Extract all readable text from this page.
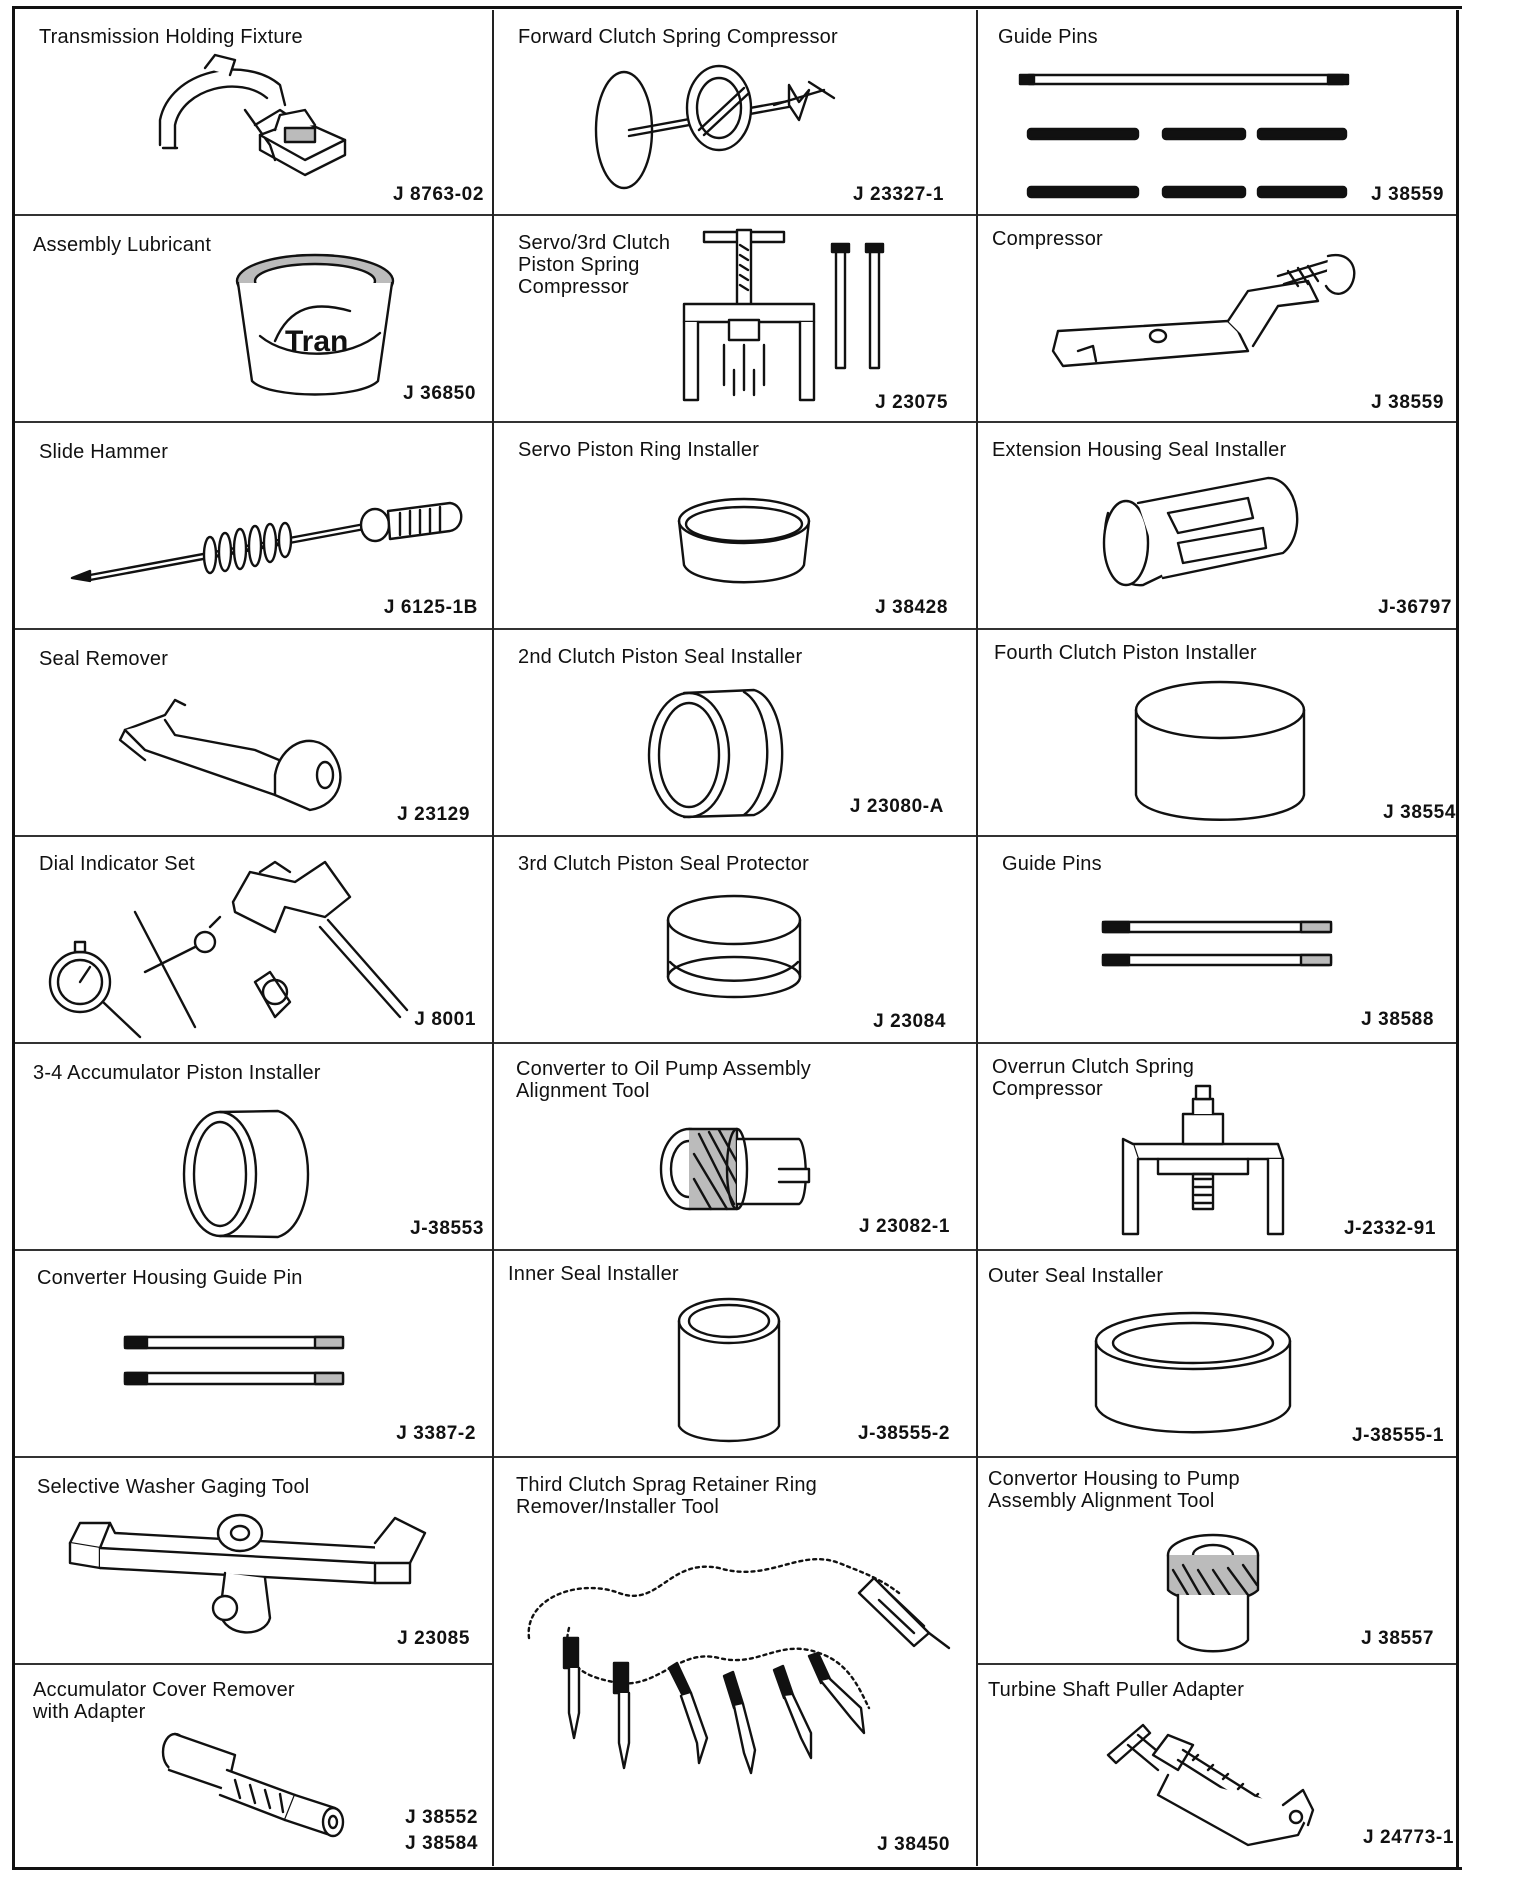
Transmission Holding Fixture
J 8763-02
Forward Clutch Spring Compressor
J 23327-1
Guide Pins
J 38559
Assembly Lubricant
Tran
J 36850
Servo/3rd Clutch
Piston Spring
Compressor
J 23075
Compressor
J 38559
Slide Hammer
J 6125-1B
Servo Piston Ring Installer
J 38428
Extension Housing Seal Installer
J-36797
Seal Remover
J 23129
2nd Clutch Piston Seal Installer
J 23080-A
Fourth Clutch Piston Installer
J 38554
Dial Indicator Set
J 8001
3rd Clutch Piston Seal Protector
J 23084
Guide Pins
J 38588
3-4 Accumulator Piston Installer
J-38553
Converter to Oil Pump Assembly
Alignment Tool
J 23082-1
Overrun Clutch Spring
Compressor
J-2332-91
Converter Housing Guide Pin
J 3387-2
Inner Seal Installer
J-38555-2
Outer Seal Installer
J-38555-1
Selective Washer Gaging Tool
J 23085
Third Clutch Sprag Retainer Ring
Remover/Installer Tool
J 38450
Convertor Housing to Pump
Assembly Alignment Tool
J 38557
Accumulator Cover Remover
with Adapter
J 38552
J 38584
Turbine Shaft Puller Adapter
J 24773-1
